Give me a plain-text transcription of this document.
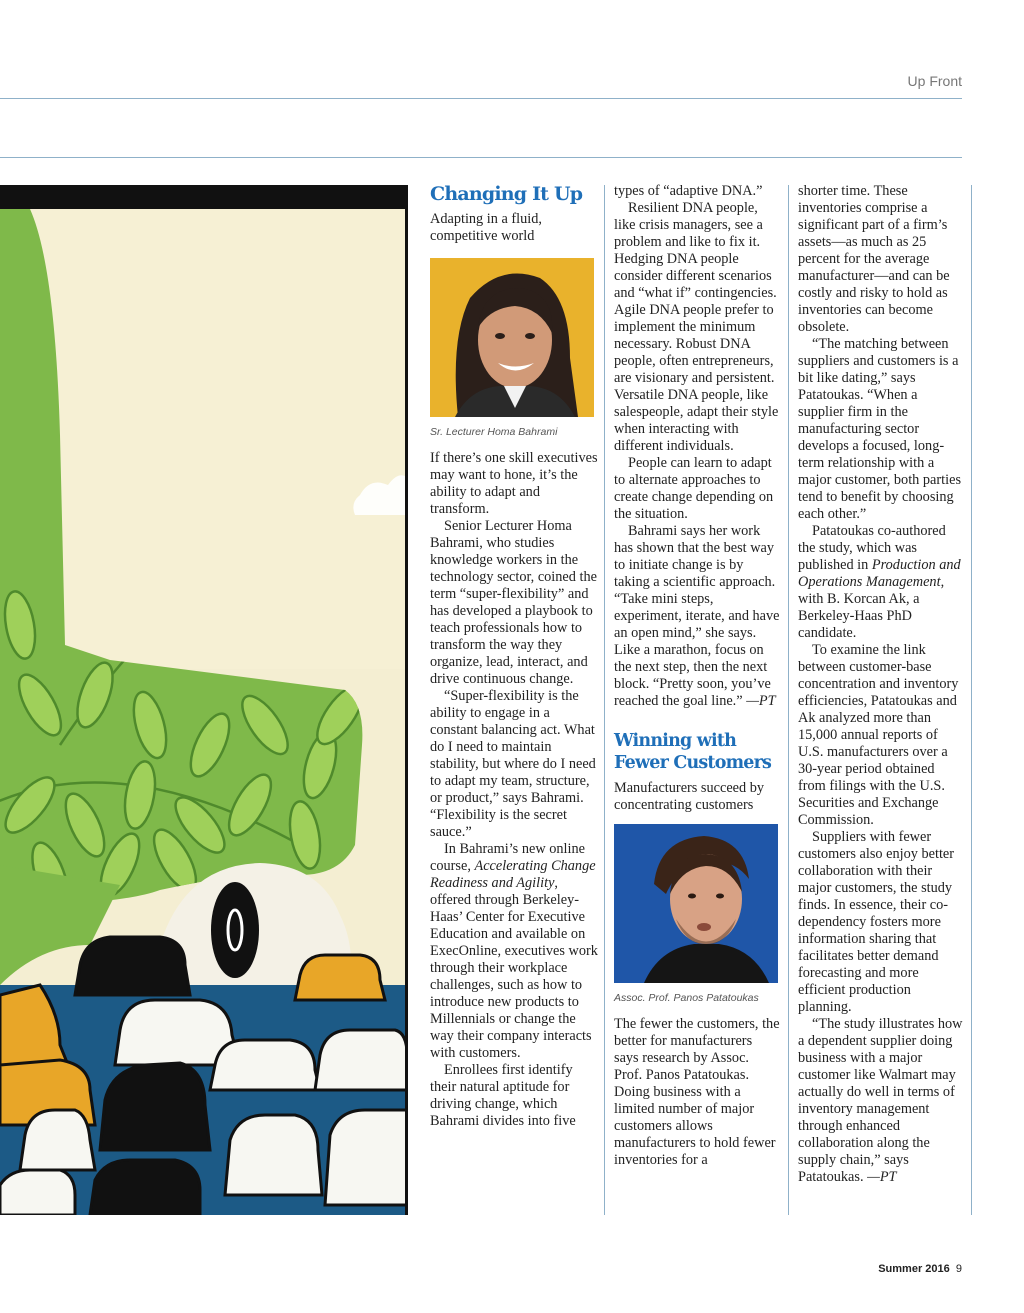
Up Front
Changing It Up
Adapting in a fluid, competitive world
Sr. Lecturer Homa Bahrami

If there’s one skill executives may want to hone, it’s the ability to adapt and transform.

Senior Lecturer Homa Bahrami, who studies knowledge workers in the technology sector, coined the term “super-flexibility” and has developed a playbook to teach professionals how to transform the way they organize, lead, interact, and drive continuous change.

“Super-flexibility is the ability to engage in a constant balancing act. What do I need to maintain stability, but where do I need to adapt my team, structure, or product,” says Bahrami. “Flexibility is the secret sauce.”

In Bahrami’s new online course, Accelerating Change Readiness and Agility, offered through Berkeley-Haas’ Center for Executive Education and available on ExecOnline, executives work through their workplace challenges, such as how to introduce new products to Millennials or change the way their company interacts with customers.

Enrollees first identify their natural aptitude for driving change, which Bahrami divides into five

types of “adaptive DNA.”

Resilient DNA people, like crisis managers, see a problem and like to fix it. Hedging DNA people consider different scenarios and “what if” contingencies. Agile DNA people prefer to implement the minimum necessary. Robust DNA people, often entrepreneurs, are visionary and persistent. Versatile DNA people, like salespeople, adapt their style when interacting with different individuals.

People can learn to adapt to alternate approaches to create change depending on the situation.

Bahrami says her work has shown that the best way to initiate change is by taking a scientific approach. “Take mini steps, experiment, iterate, and have an open mind,” she says. Like a marathon, focus on the next step, then the next block. “Pretty soon, you’ve reached the goal line.” —PT

Winning with Fewer Customers
Manufacturers succeed by concentrating customers
Assoc. Prof. Panos Patatoukas

The fewer the customers, the better for manufacturers says research by Assoc. Prof. Panos Patatoukas. Doing business with a limited number of major customers allows manufacturers to hold fewer inventories for a

shorter time. These inventories comprise a significant part of a firm’s assets—as much as 25 percent for the average manufacturer—and can be costly and risky to hold as inventories can become obsolete.

“The matching between suppliers and customers is a bit like dating,” says Patatoukas. “When a supplier firm in the manufacturing sector develops a focused, long-term relationship with a major customer, both parties tend to benefit by choosing each other.”

Patatoukas co-authored the study, which was published in Production and Operations Management, with B. Korcan Ak, a Berkeley-Haas PhD candidate.

To examine the link between customer-base concentration and inventory efficiencies, Patatoukas and Ak analyzed more than 15,000 annual reports of U.S. manufacturers over a 30-year period obtained from filings with the U.S. Securities and Exchange Commission.

Suppliers with fewer customers also enjoy better collaboration with their major customers, the study finds. In essence, their co-dependency fosters more information sharing that facilitates better demand forecasting and more efficient production planning.

“The study illustrates how a dependent supplier doing business with a major customer like Walmart may actually do well in terms of inventory management through enhanced collaboration along the supply chain,” says Patatoukas. —PT

Summer 2016 9
